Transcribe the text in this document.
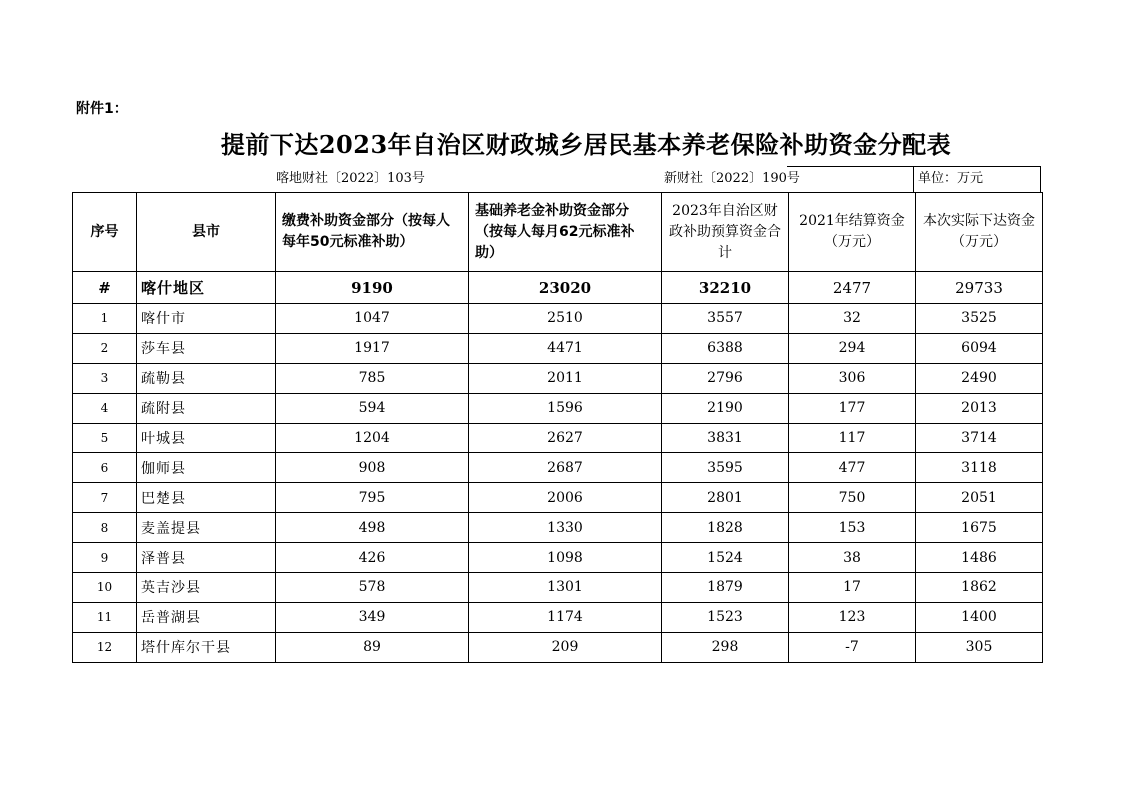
附件1：
提前下达2023年自治区财政城乡居民基本养老保险补助资金分配表
喀地财社〔2022〕103号	新财社〔2022〕190号	单位：万元
序号	县市	缴费补助资金部分（按每人每年50元标准补助）	基础养老金补助资金部分（按每人每月62元标准补助）	2023年自治区财政补助预算资金合计	2021年结算资金（万元）	本次实际下达资金（万元）
#	喀什地区	9190	23020	32210	2477	29733
1	喀什市	1047	2510	3557	32	3525
2	莎车县	1917	4471	6388	294	6094
3	疏勒县	785	2011	2796	306	2490
4	疏附县	594	1596	2190	177	2013
5	叶城县	1204	2627	3831	117	3714
6	伽师县	908	2687	3595	477	3118
7	巴楚县	795	2006	2801	750	2051
8	麦盖提县	498	1330	1828	153	1675
9	泽普县	426	1098	1524	38	1486
10	英吉沙县	578	1301	1879	17	1862
11	岳普湖县	349	1174	1523	123	1400
12	塔什库尔干县	89	209	298	-7	305
